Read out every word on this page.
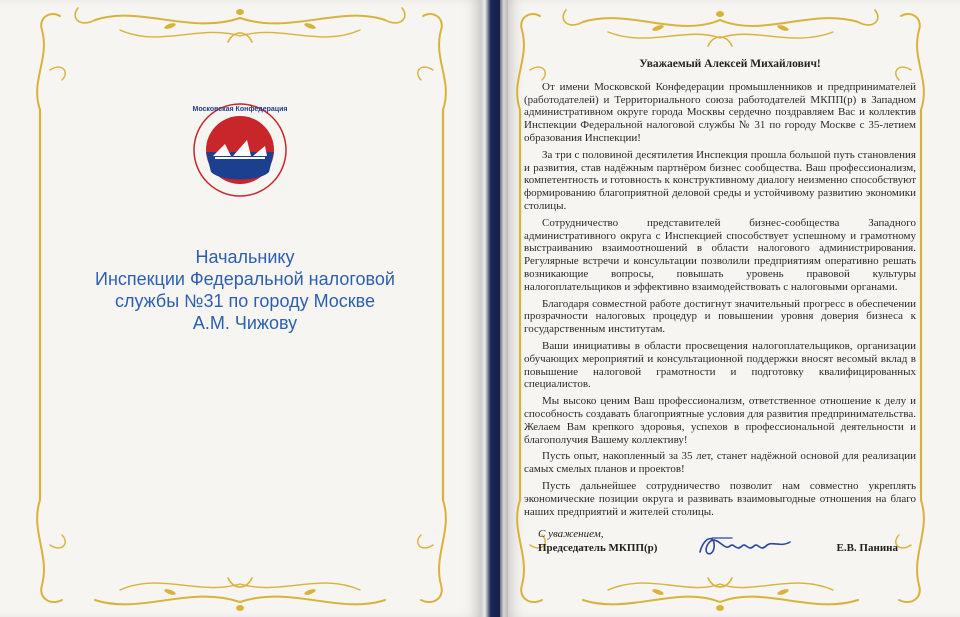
Московская Конфедерация
Начальнику
Инспекции Федеральной налоговой
службы №31 по городу Москве
А.М. Чижову
Уважаемый Алексей Михайлович!

От имени Московской Конфедерации промышленников и предпринимателей (работодателей) и Территориального союза работодателей МКПП(р) в Западном административном округе города Москвы сердечно поздравляем Вас и коллектив Инспекции Федеральной налоговой службы № 31 по городу Москве с 35-летием образования Инспекции!

За три с половиной десятилетия Инспекция прошла большой путь становления и развития, став надёжным партнёром бизнес сообщества. Ваш профессионализм, компетентность и готовность к конструктивному диалогу неизменно способствуют формированию благоприятной деловой среды и устойчивому развитию экономики столицы.

Сотрудничество представителей бизнес-сообщества Западного административного округа с Инспекцией способствует успешному и грамотному выстраиванию взаимоотношений в области налогового администрирования. Регулярные встречи и консультации позволили предприятиям оперативно решать возникающие вопросы, повышать уровень правовой культуры налогоплательщиков и эффективно взаимодействовать с налоговыми органами.

Благодаря совместной работе достигнут значительный прогресс в обеспечении прозрачности налоговых процедур и повышении уровня доверия бизнеса к государственным институтам.

Ваши инициативы в области просвещения налогоплательщиков, организации обучающих мероприятий и консультационной поддержки вносят весомый вклад в повышение налоговой грамотности и подготовку квалифицированных специалистов.

Мы высоко ценим Ваш профессионализм, ответственное отношение к делу и способность создавать благоприятные условия для развития предпринимательства. Желаем Вам крепкого здоровья, успехов в профессиональной деятельности и благополучия Вашему коллективу!

Пусть опыт, накопленный за 35 лет, станет надёжной основой для реализации самых смелых планов и проектов!

Пусть дальнейшее сотрудничество позволит нам совместно укреплять экономические позиции округа и развивать взаимовыгодные отношения на благо наших предприятий и жителей столицы.

С уважением,
Председатель МКПП(р)	Е.В. Панина
